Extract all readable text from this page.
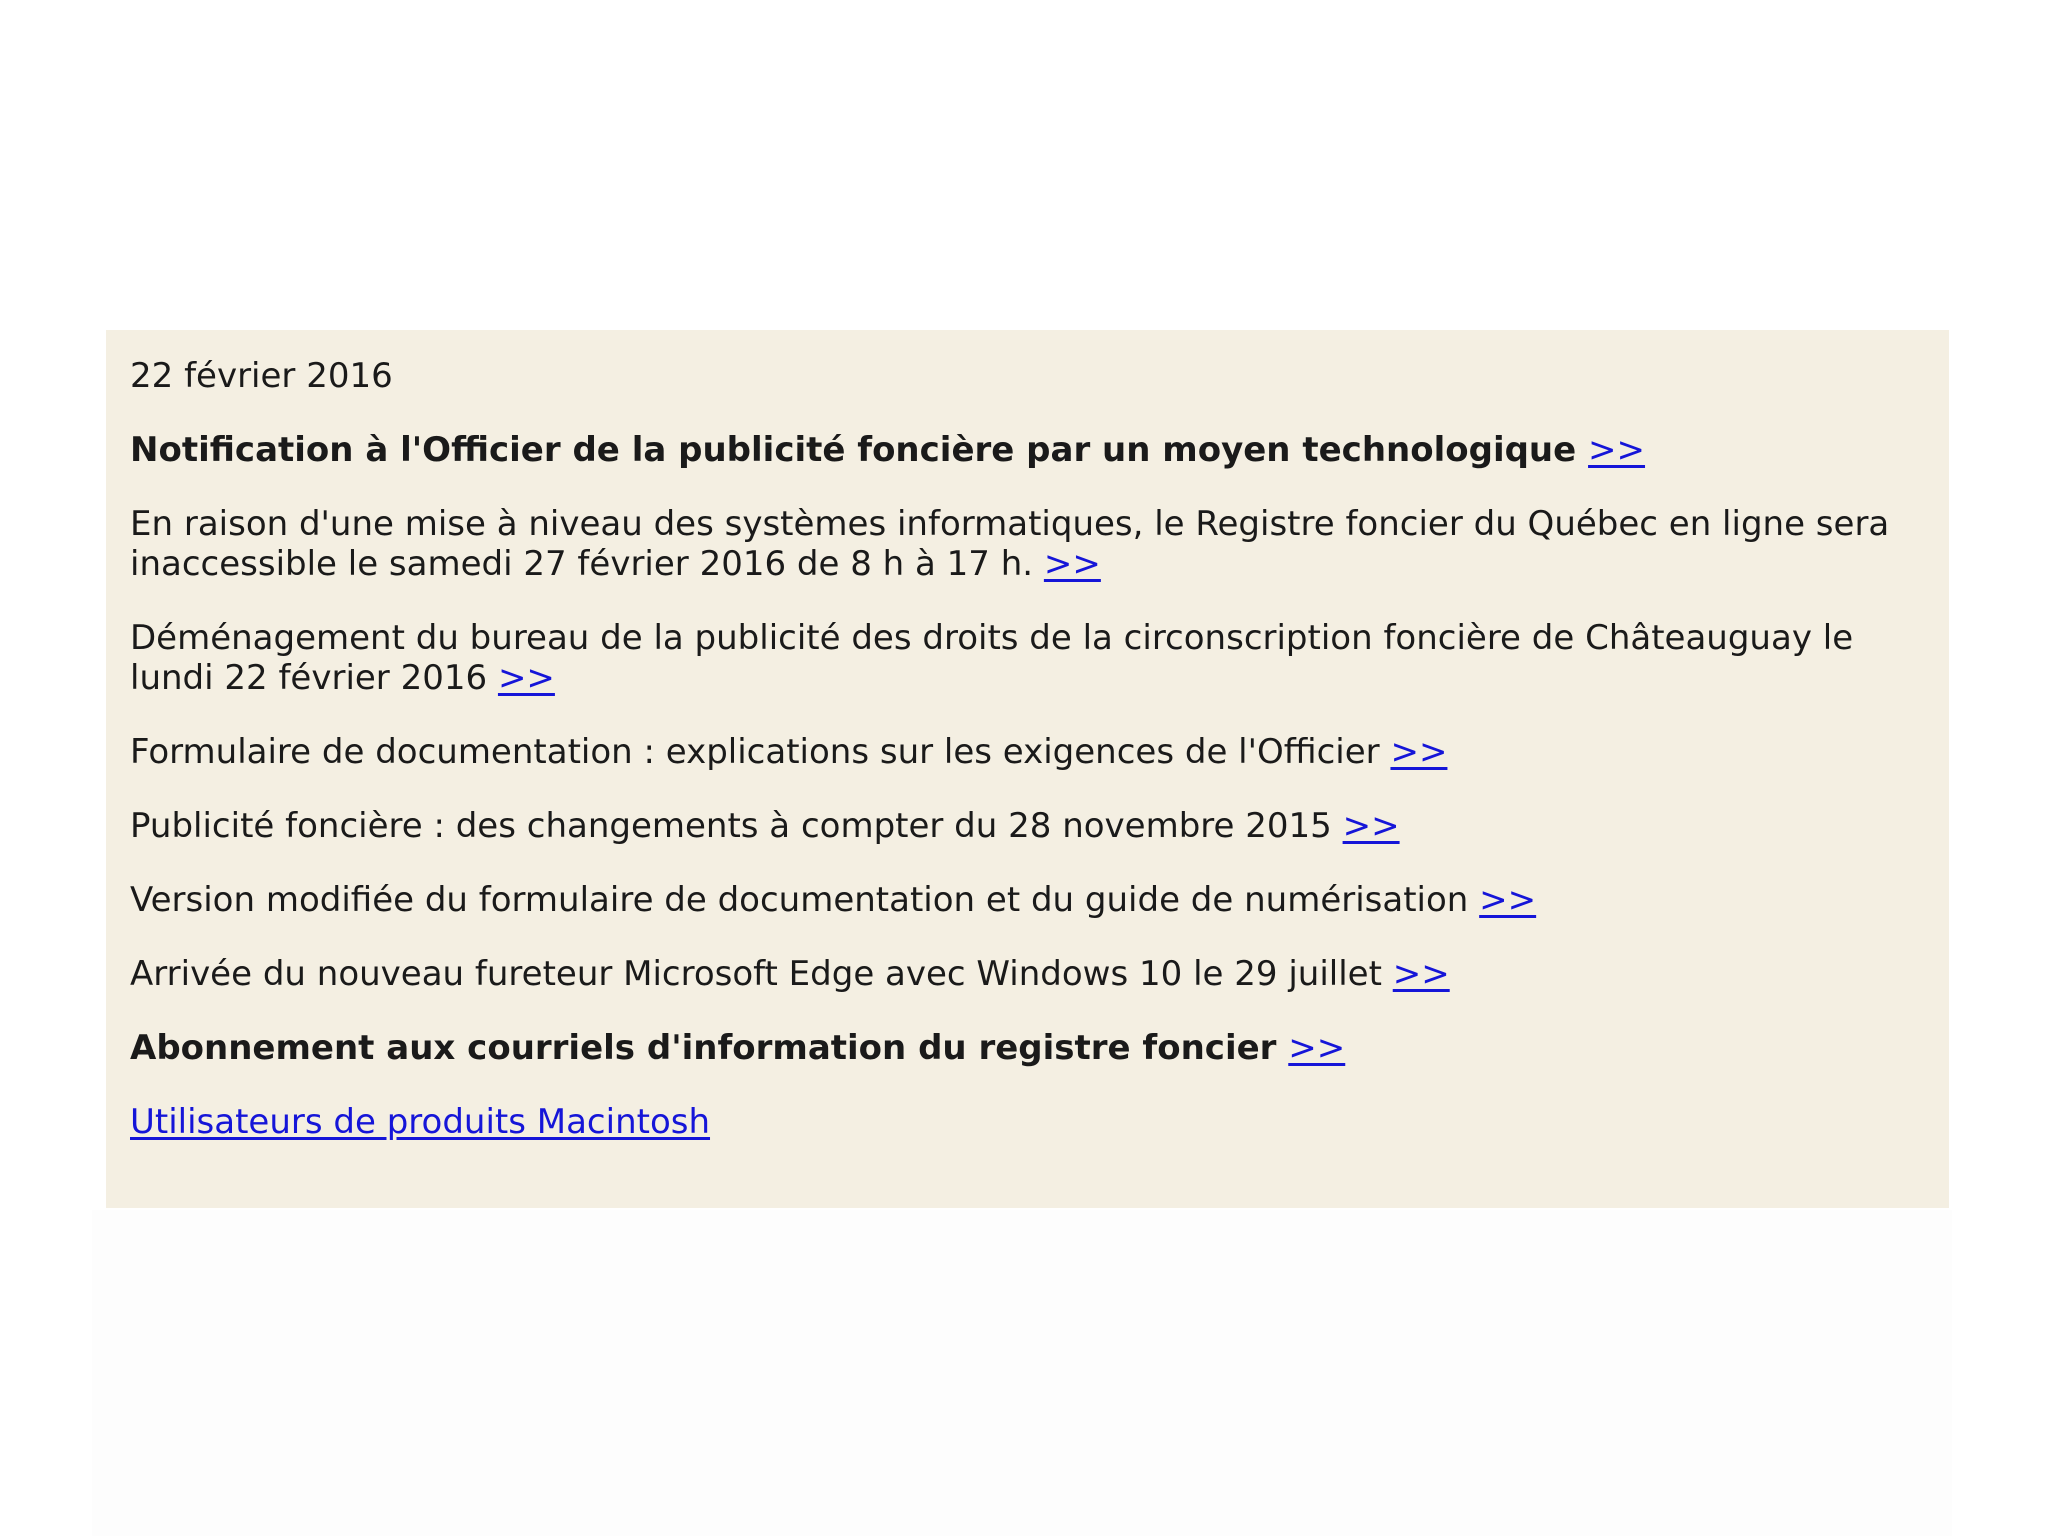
22 février 2016
Notification à l'Officier de la publicité foncière par un moyen technologique >>
En raison d'une mise à niveau des systèmes informatiques, le Registre foncier du Québec en ligne sera inaccessible le samedi 27 février 2016 de 8 h à 17 h. >>
Déménagement du bureau de la publicité des droits de la circonscription foncière de Châteauguay le lundi 22 février 2016 >>
Formulaire de documentation : explications sur les exigences de l'Officier >>
Publicité foncière : des changements à compter du 28 novembre 2015 >>
Version modifiée du formulaire de documentation et du guide de numérisation >>
Arrivée du nouveau fureteur Microsoft Edge avec Windows 10 le 29 juillet >>
Abonnement aux courriels d'information du registre foncier >>
Utilisateurs de produits Macintosh
